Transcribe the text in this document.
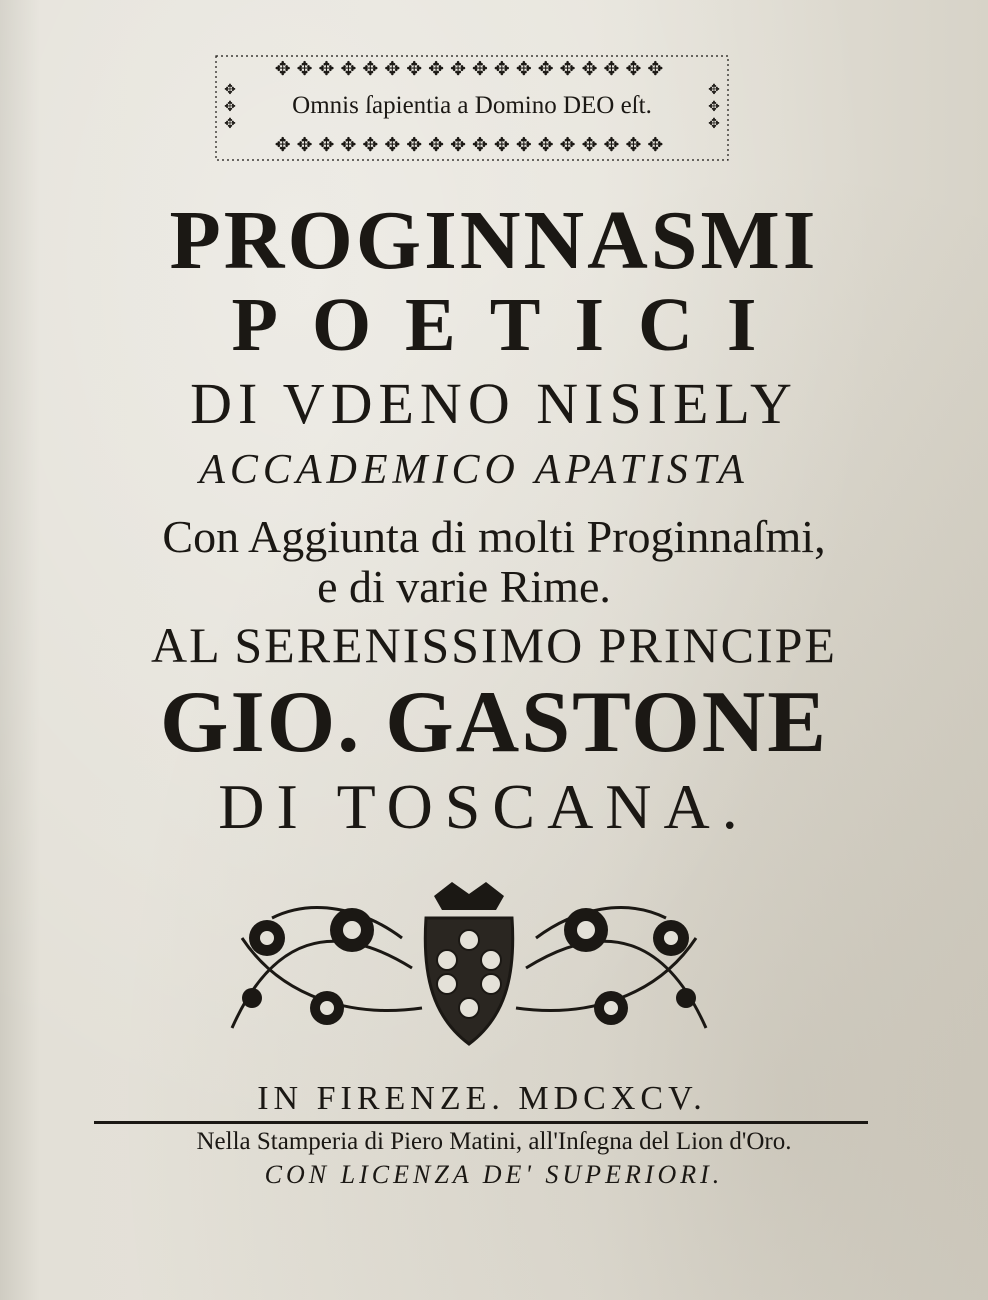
✥✥✥✥✥✥✥✥✥✥✥✥✥✥✥✥✥✥
✥
✥
✥
Omnis ſapientia a Domino DEO eſt.
✥
✥
✥
✥✥✥✥✥✥✥✥✥✥✥✥✥✥✥✥✥✥
PROGINNASMI
POETICI
DI VDENO NISIELY
ACCADEMICO APATISTA
Con Aggiunta di molti Proginnaſmi,
e di varie Rime.
AL SERENISSIMO PRINCIPE
GIO. GASTONE
DI TOSCANA.
IN FIRENZE. MDCXCV.
Nella Stamperia di Piero Matini, all'Inſegna del Lion d'Oro.
CON LICENZA DE' SUPERIORI.
